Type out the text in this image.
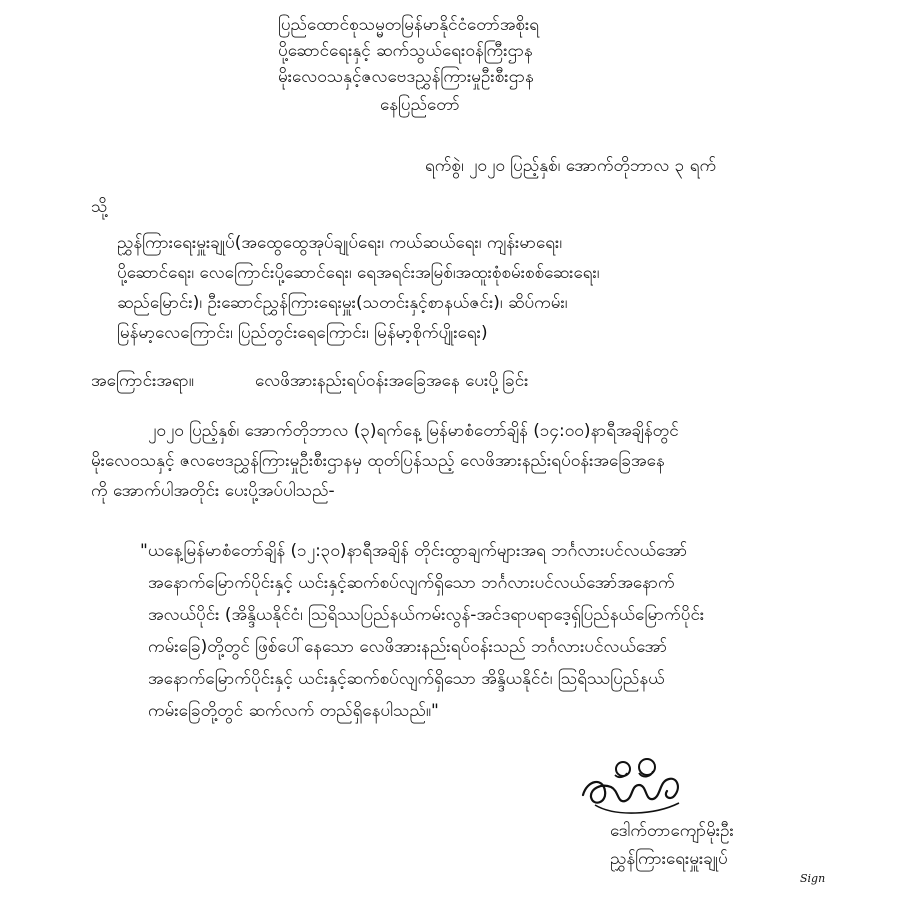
ပြည်ထောင်စုသမ္မတမြန်မာနိုင်ငံတော်အစိုးရ
ပို့ဆောင်ရေးနှင့် ဆက်သွယ်ရေးဝန်ကြီးဌာန
မိုးလေဝသနှင့်ဇလဗေဒညွှန်ကြားမှုဦးစီးဌာန
နေပြည်တော်
ရက်စွဲ၊ ၂၀၂၀ ပြည့်နှစ်၊ အောက်တိုဘာလ ၃ ရက်
သို့
ညွှန်ကြားရေးမှူးချုပ်(အထွေထွေအုပ်ချုပ်ရေး၊ ကယ်ဆယ်ရေး၊ ကျန်းမာရေး၊
ပို့ဆောင်ရေး၊ လေကြောင်းပို့ဆောင်ရေး၊ ရေအရင်းအမြစ်၊အထူးစုံစမ်းစစ်ဆေးရေး၊
ဆည်မြောင်း)၊ ဦးဆောင်ညွှန်ကြားရေးမှူး(သတင်းနှင့်စာနယ်ဇင်း)၊ ဆိပ်ကမ်း၊
မြန်မာ့လေကြောင်း၊ ပြည်တွင်းရေကြောင်း၊ မြန်မာ့စိုက်ပျိုးရေး)
အကြောင်းအရာ။	လေဖိအားနည်းရပ်ဝန်းအခြေအနေ ပေးပို့ခြင်း
၂၀၂၀ ပြည့်နှစ်၊ အောက်တိုဘာလ (၃)ရက်နေ့ မြန်မာစံတော်ချိန် (၁၄:၀၀)နာရီအချိန်တွင်
မိုးလေဝသနှင့် ဇလဗေဒညွှန်ကြားမှုဦးစီးဌာနမှ ထုတ်ပြန်သည့် လေဖိအားနည်းရပ်ဝန်းအခြေအနေ
ကို အောက်ပါအတိုင်း ပေးပို့အပ်ပါသည်-
"ယနေ့မြန်မာစံတော်ချိန် (၁၂:၃၀)နာရီအချိန် တိုင်းထွာချက်များအရ ဘင်္ဂလားပင်လယ်အော်
အနောက်မြောက်ပိုင်းနှင့် ယင်းနှင့်ဆက်စပ်လျက်ရှိသော ဘင်္ဂလားပင်လယ်အော်အနောက်
အလယ်ပိုင်း (အိန္ဒိယနိုင်ငံ၊ ဩရိဿပြည်နယ်ကမ်းလွန်-အင်ဒရာပရာဒေ့ရှ်ပြည်နယ်မြောက်ပိုင်း
ကမ်းခြေ)တို့တွင် ဖြစ်ပေါ်နေသော လေဖိအားနည်းရပ်ဝန်းသည် ဘင်္ဂလားပင်လယ်အော်
အနောက်မြောက်ပိုင်းနှင့် ယင်းနှင့်ဆက်စပ်လျက်ရှိသော အိန္ဒိယနိုင်ငံ၊ ဩရိဿပြည်နယ်
ကမ်းခြေတို့တွင် ဆက်လက် တည်ရှိနေပါသည်။"
ဒေါက်တာကျော်မိုးဦး
ညွှန်ကြားရေးမှူးချုပ်
Sign
